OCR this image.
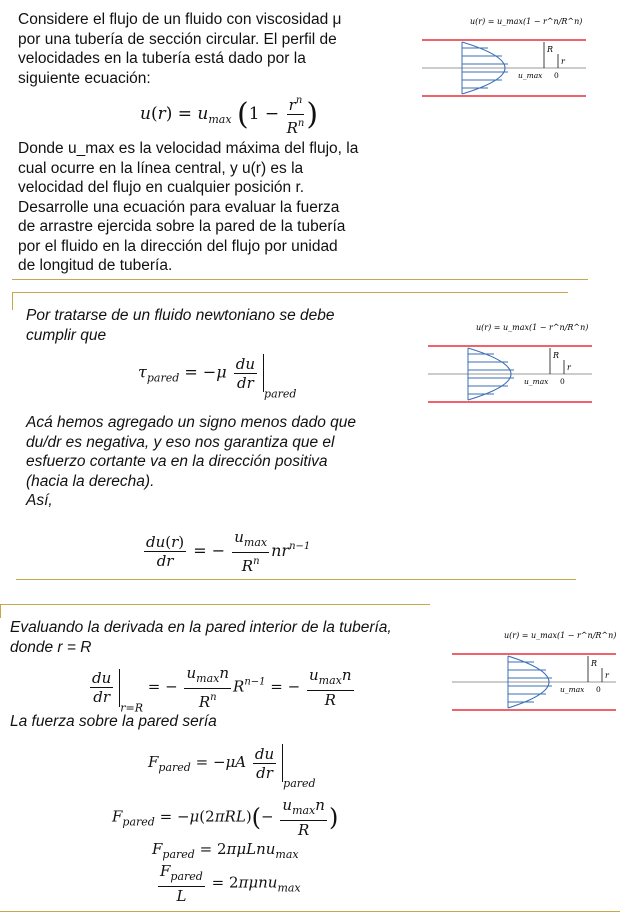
Considere el flujo de un fluido con viscosidad μ
por una tubería de sección circular. El perfil de
velocidades en la tubería está dado por la
siguiente ecuación:
$u(r) = u_{max}$ ($1 - \frac{r^n}{R^n}$ )
Donde u_max es la velocidad máxima del flujo, la
cual ocurre en la línea central, y u(r) es la
velocidad del flujo en cualquier posición r.
Desarrolle una ecuación para evaluar la fuerza
de arrastre ejercida sobre la pared de la tubería
por el fluido en la dirección del flujo por unidad
de longitud de tubería.
u(r) = u_max(1 − r^n/R^n)
R
r
u_max 0
Por tratarse de un fluido newtoniano se debe
cumplir que
$\tau_{pared} = -\mu \frac{du}{dr}$
$_{pared}$
Acá hemos agregado un signo menos dado que
du/dr es negativa, y eso nos garantiza que el
esfuerzo cortante va en la dirección positiva
(hacia la derecha).
Así,
$\frac{du(r)}{dr}$ = − $\frac{u_{max}}{R^n} nr^{n-1}$
u(r) = u_max(1 − r^n/R^n)
R
r
u_max 0
Evaluando la derivada en la pared interior de la tubería,
donde r = R
$\frac{du}{dr}$
$_{r=R}$ = − $\frac{u_{max}n}{R^n} R^{n-1}$ = − $\frac{u_{max}n}{R}$
La fuerza sobre la pared sería
$F_{pared} = -\mu A \frac{du}{dr}$
$_{pared}$
$F_{pared} = -\mu(2\pi RL)(- \frac{u_{max}n}{R}$ )
$F_{pared} = 2\pi\mu Lnu_{max}$
$\frac{F_{pared}}{L} = 2\pi\mu nu_{max}$
u(r) = u_max(1 − r^n/R^n)
R
r
u_max 0
